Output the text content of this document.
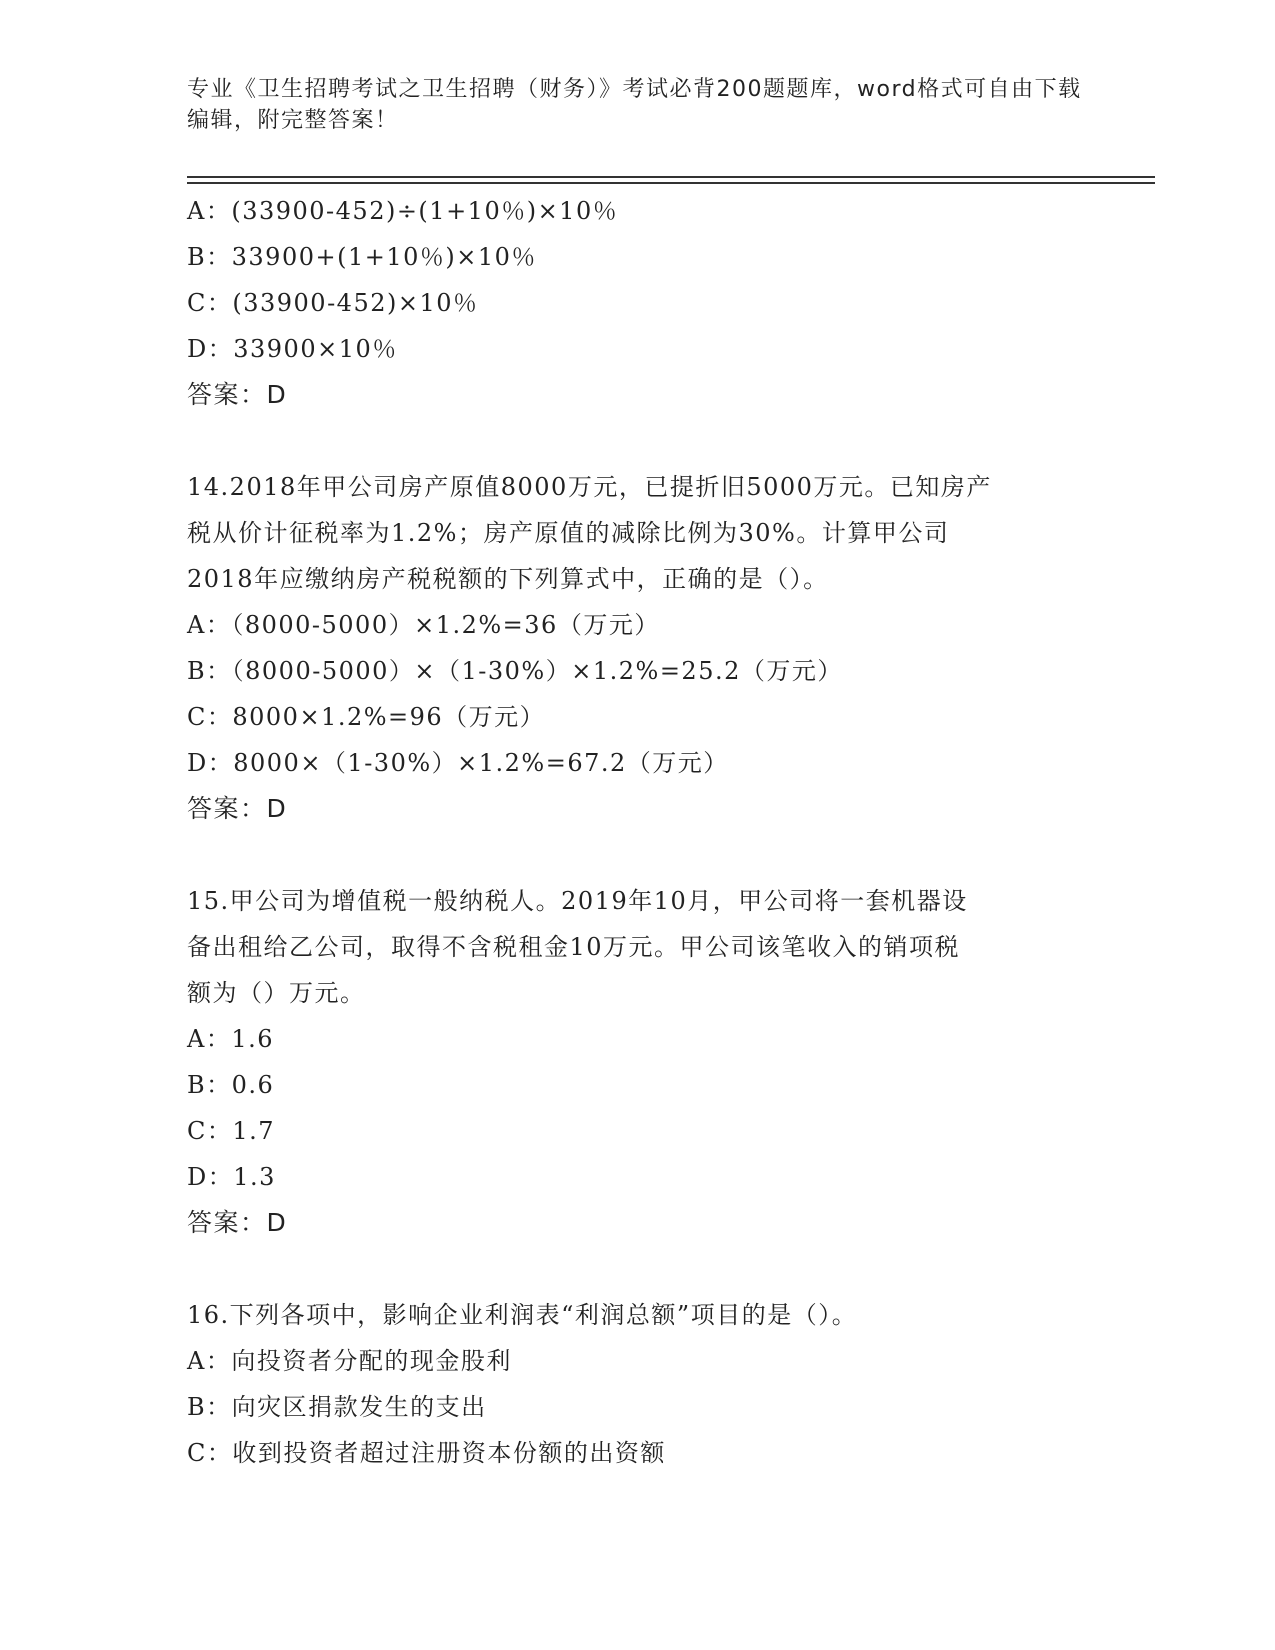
专业《卫生招聘考试之卫生招聘（财务）》考试必背200题题库，word格式可自由下载编辑，附完整答案！

A：(33900-452)÷(1+10％)×10％

B：33900+(1+10％)×10％

C：(33900-452)×10％

D：33900×10％

答案：D

14.2018年甲公司房产原值8000万元，已提折旧5000万元。已知房产

税从价计征税率为1.2%；房产原值的减除比例为30%。计算甲公司

2018年应缴纳房产税税额的下列算式中，正确的是（）。

A：（8000-5000）×1.2%=36（万元）

B：（8000-5000）×（1-30%）×1.2%=25.2（万元）

C：8000×1.2%=96（万元）

D：8000×（1-30%）×1.2%=67.2（万元）

答案：D

15.甲公司为增值税一般纳税人。2019年10月，甲公司将一套机器设

备出租给乙公司，取得不含税租金10万元。甲公司该笔收入的销项税

额为（）万元。

A：1.6

B：0.6

C：1.7

D：1.3

答案：D

16.下列各项中，影响企业利润表“利润总额”项目的是（）。

A：向投资者分配的现金股利

B：向灾区捐款发生的支出

C：收到投资者超过注册资本份额的出资额
